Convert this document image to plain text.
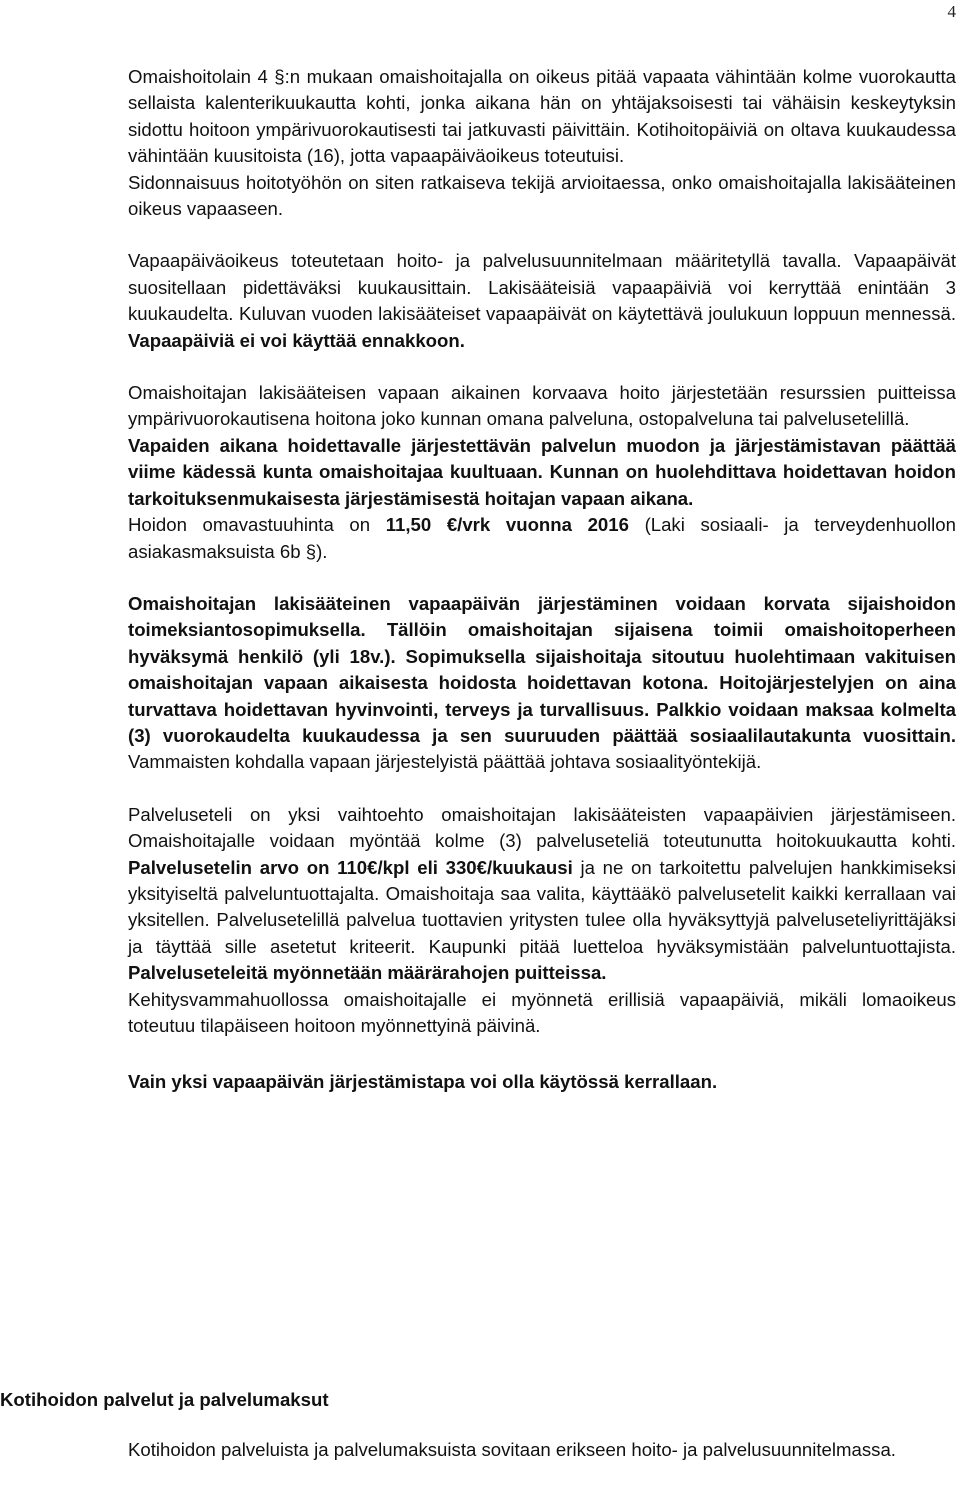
4

Omaishoitolain 4 §:n mukaan omaishoitajalla on oikeus pitää vapaata vähintään kolme vuorokautta sellaista kalenterikuukautta kohti, jonka aikana hän on yhtäjaksoisesti tai vähäisin keskeytyksin sidottu hoitoon ympärivuorokautisesti tai jatkuvasti päivittäin. Kotihoitopäiviä on oltava kuukaudessa vähintään kuusitoista (16), jotta vapaapäiväoikeus toteutuisi.

Sidonnaisuus hoitotyöhön on siten ratkaiseva tekijä arvioitaessa, onko omaishoitajalla lakisääteinen oikeus vapaaseen.

Vapaapäiväoikeus toteutetaan hoito- ja palvelusuunnitelmaan määritetyllä tavalla. Vapaapäivät suositellaan pidettäväksi kuukausittain. Lakisääteisiä vapaapäiviä voi kerryttää enintään 3 kuukaudelta. Kuluvan vuoden lakisääteiset vapaapäivät on käytettävä joulukuun loppuun mennessä. Vapaapäiviä ei voi käyttää ennakkoon.

Omaishoitajan lakisääteisen vapaan aikainen korvaava hoito järjestetään resurssien puitteissa ympärivuorokautisena hoitona joko kunnan omana palveluna, ostopalveluna tai palvelusetelillä.

Vapaiden aikana hoidettavalle järjestettävän palvelun muodon ja järjestämistavan päättää viime kädessä kunta omaishoitajaa kuultuaan. Kunnan on huolehdittava hoidettavan hoidon tarkoituksenmukaisesta järjestämisestä hoitajan vapaan aikana.

Hoidon omavastuuhinta on 11,50 €/vrk vuonna 2016 (Laki sosiaali- ja terveydenhuollon asiakasmaksuista 6b §).

Omaishoitajan lakisääteinen vapaapäivän järjestäminen voidaan korvata sijaishoidon toimeksiantosopimuksella. Tällöin omaishoitajan sijaisena toimii omaishoitoperheen hyväksymä henkilö (yli 18v.). Sopimuksella sijaishoitaja sitoutuu huolehtimaan vakituisen omaishoitajan vapaan aikaisesta hoidosta hoidettavan kotona. Hoitojärjestelyjen on aina turvattava hoidettavan hyvinvointi, terveys ja turvallisuus. Palkkio voidaan maksaa kolmelta (3) vuorokaudelta kuukaudessa ja sen suuruuden päättää sosiaalilautakunta vuosittain. Vammaisten kohdalla vapaan järjestelyistä päättää johtava sosiaalityöntekijä.

Palveluseteli on yksi vaihtoehto omaishoitajan lakisääteisten vapaapäivien järjestämiseen. Omaishoitajalle voidaan myöntää kolme (3) palveluseteliä toteutunutta hoitokuukautta kohti. Palvelusetelin arvo on 110€/kpl eli 330€/kuukausi ja ne on tarkoitettu palvelujen hankkimiseksi yksityiseltä palveluntuottajalta. Omaishoitaja saa valita, käyttääkö palvelusetelit kaikki kerrallaan vai yksitellen. Palvelusetelillä palvelua tuottavien yritysten tulee olla hyväksyttyjä palveluseteliyrittäjäksi ja täyttää sille asetetut kriteerit. Kaupunki pitää luetteloa hyväksymistään palveluntuottajista. Palveluseteleitä myönnetään määrärahojen puitteissa.

Kehitysvammahuollossa omaishoitajalle ei myönnetä erillisiä vapaapäiviä, mikäli lomaoikeus toteutuu tilapäiseen hoitoon myönnettyinä päivinä.

Vain yksi vapaapäivän järjestämistapa voi olla käytössä kerrallaan.

Kotihoidon palvelut ja palvelumaksut

Kotihoidon palveluista ja palvelumaksuista sovitaan erikseen hoito- ja palvelusuunnitelmassa.
